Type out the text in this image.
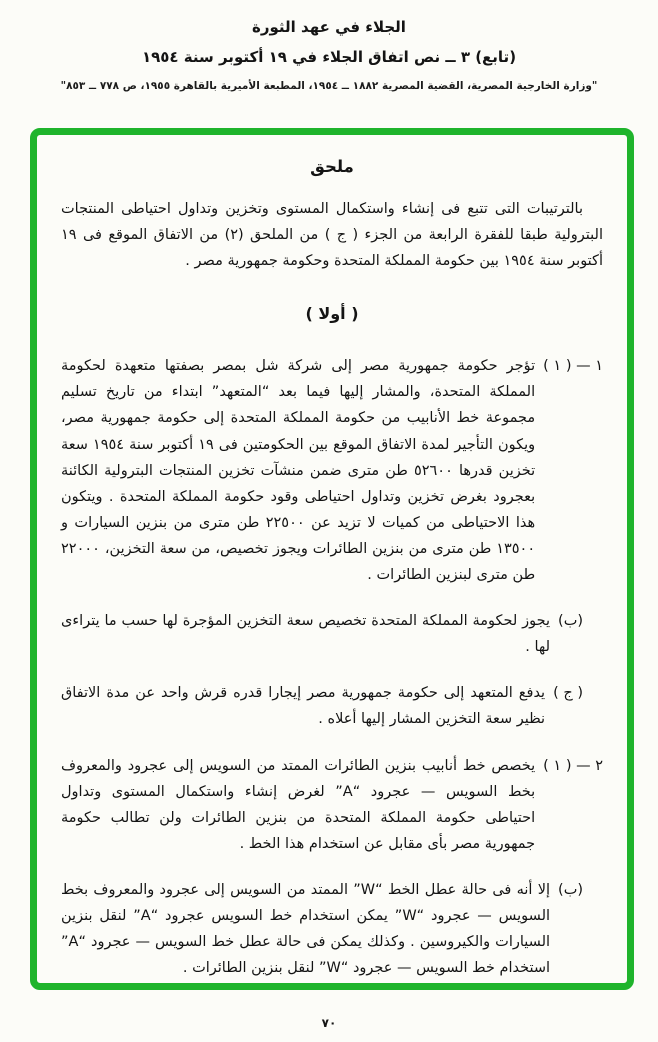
الجلاء في عهد الثورة
(تابع) ٣ ــ نص اتفاق الجلاء في ١٩ أكتوبر سنة ١٩٥٤
"وزارة الخارجية المصرية، القضية المصرية ١٨٨٢ ــ ١٩٥٤، المطبعة الأميرية بالقاهرة ١٩٥٥، ص ٧٧٨ ــ ٨٥٣"
ملحق

بالترتيبات التى تتبع فى إنشاء واستكمال المستوى وتخزين وتداول احتياطى المنتجات البترولية طبقا للفقرة الرابعة من الجزء ( ج ) من الملحق (٢) من الاتفاق الموقع فى ١٩ أكتوبر سنة ١٩٥٤ بين حكومة المملكة المتحدة وحكومة جمهورية مصر .

( أولا )
١ — ( ١ )
تؤجر حكومة جمهورية مصر إلى شركة شل بمصر بصفتها متعهدة لحكومة المملكة المتحدة، والمشار إليها فيما بعد “المتعهد” ابتداء من تاريخ تسليم مجموعة خط الأنابيب من حكومة المملكة المتحدة إلى حكومة جمهورية مصر، ويكون التأجير لمدة الاتفاق الموقع بين الحكومتين فى ١٩ أكتوبر سنة ١٩٥٤ سعة تخزين قدرها ٥٢٦٠٠ طن مترى ضمن منشآت تخزين المنتجات البترولية الكائنة بعجرود بغرض تخزين وتداول احتياطى وقود حكومة المملكة المتحدة . ويتكون هذا الاحتياطى من كميات لا تزيد عن ٢٢٥٠٠ طن مترى من بنزين السيارات و ١٣٥٠٠ طن مترى من بنزين الطائرات ويجوز تخصيص، من سعة التخزين، ٢٢٠٠٠ طن مترى لبنزين الطائرات .
(ب)
يجوز لحكومة المملكة المتحدة تخصيص سعة التخزين المؤجرة لها حسب ما يتراءى لها .
( ج )
يدفع المتعهد إلى حكومة جمهورية مصر إيجارا قدره قرش واحد عن مدة الاتفاق نظير سعة التخزين المشار إليها أعلاه .
٢ — ( ١ )
يخصص خط أنابيب بنزين الطائرات الممتد من السويس إلى عجرود والمعروف بخط السويس — عجرود “A” لغرض إنشاء واستكمال المستوى وتداول احتياطى حكومة المملكة المتحدة من بنزين الطائرات ولن تطالب حكومة جمهورية مصر بأى مقابل عن استخدام هذا الخط .
(ب)
إلا أنه فى حالة عطل الخط “W” الممتد من السويس إلى عجرود والمعروف بخط السويس — عجرود “W” يمكن استخدام خط السويس عجرود “A” لنقل بنزين السيارات والكيروسين . وكذلك يمكن فى حالة عطل خط السويس — عجرود “A” استخدام خط السويس — عجرود “W” لنقل بنزين الطائرات .
٧٠
